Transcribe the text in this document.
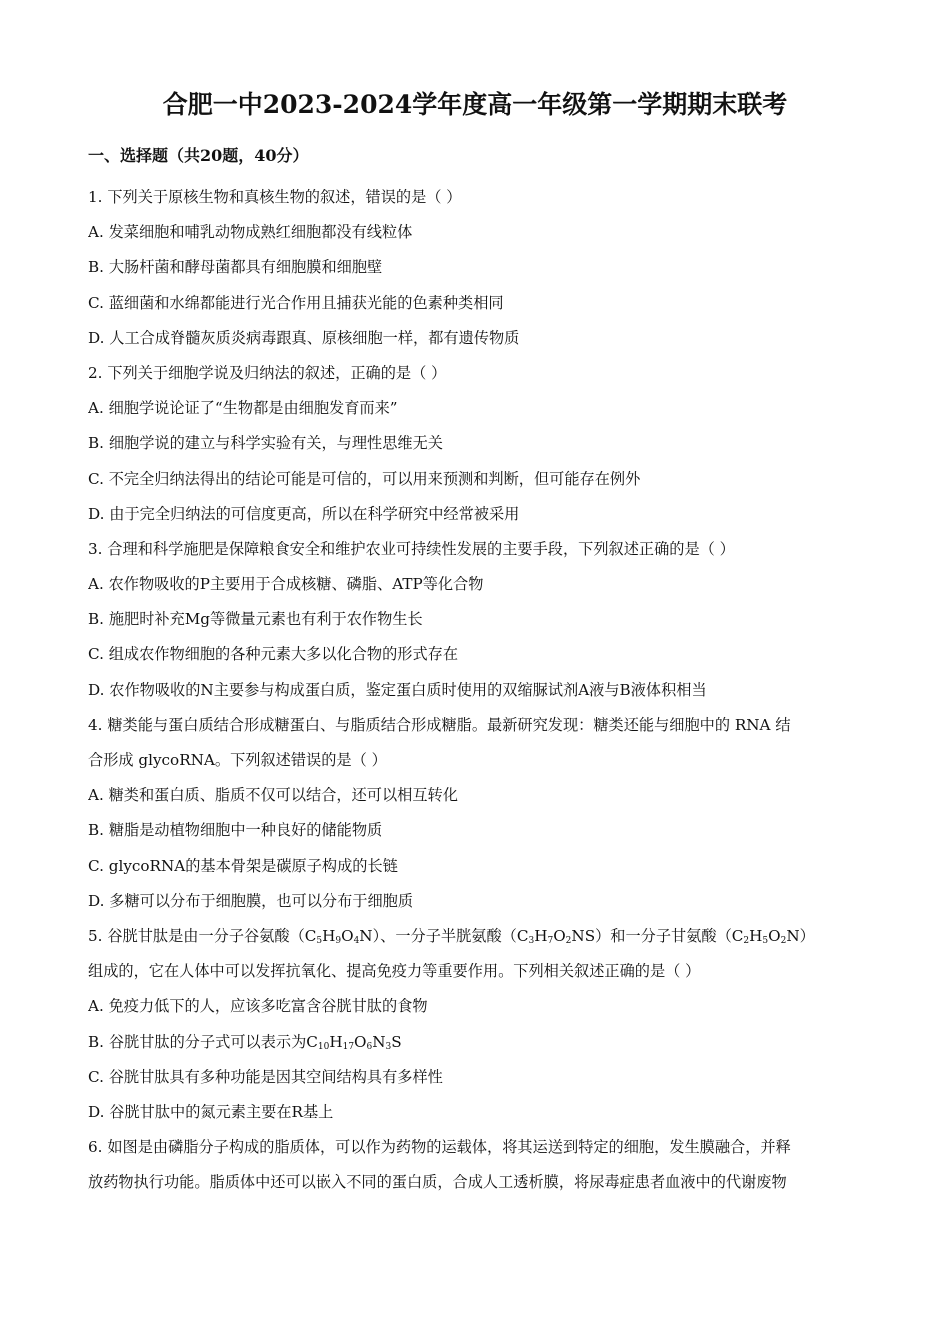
合肥一中2023-2024学年度高一年级第一学期期末联考
一、选择题（共20题，40分）
1. 下列关于原核生物和真核生物的叙述，错误的是（ ）
A. 发菜细胞和哺乳动物成熟红细胞都没有线粒体
B. 大肠杆菌和酵母菌都具有细胞膜和细胞壁
C. 蓝细菌和水绵都能进行光合作用且捕获光能的色素种类相同
D. 人工合成脊髓灰质炎病毒跟真、原核细胞一样，都有遗传物质
2. 下列关于细胞学说及归纳法的叙述，正确的是（ ）
A. 细胞学说论证了“生物都是由细胞发育而来”
B. 细胞学说的建立与科学实验有关，与理性思维无关
C. 不完全归纳法得出的结论可能是可信的，可以用来预测和判断，但可能存在例外
D. 由于完全归纳法的可信度更高，所以在科学研究中经常被采用
3. 合理和科学施肥是保障粮食安全和维护农业可持续性发展的主要手段，下列叙述正确的是（ ）
A. 农作物吸收的P主要用于合成核糖、磷脂、ATP等化合物
B. 施肥时补充Mg等微量元素也有利于农作物生长
C. 组成农作物细胞的各种元素大多以化合物的形式存在
D. 农作物吸收的N主要参与构成蛋白质，鉴定蛋白质时使用的双缩脲试剂A液与B液体积相当
4. 糖类能与蛋白质结合形成糖蛋白、与脂质结合形成糖脂。最新研究发现：糖类还能与细胞中的 RNA 结
合形成 glycoRNA。下列叙述错误的是（ ）
A. 糖类和蛋白质、脂质不仅可以结合，还可以相互转化
B. 糖脂是动植物细胞中一种良好的储能物质
C. glycoRNA的基本骨架是碳原子构成的长链
D. 多糖可以分布于细胞膜，也可以分布于细胞质
5. 谷胱甘肽是由一分子谷氨酸$(C_5H_9O_4N)$、一分子半胱氨酸$(C_3H_7O_2NS)$和一分子甘氨酸$(C_2H_5O_2N)$
组成的，它在人体中可以发挥抗氧化、提高免疫力等重要作用。下列相关叙述正确的是（ ）
A. 免疫力低下的人，应该多吃富含谷胱甘肽的食物
B. 谷胱甘肽的分子式可以表示为$C_{10}H_{17}O_6N_3S$
C. 谷胱甘肽具有多种功能是因其空间结构具有多样性
D. 谷胱甘肽中的氮元素主要在R基上
6. 如图是由磷脂分子构成的脂质体，可以作为药物的运载体，将其运送到特定的细胞，发生膜融合，并释
放药物执行功能。脂质体中还可以嵌入不同的蛋白质，合成人工透析膜，将尿毒症患者血液中的代谢废物
